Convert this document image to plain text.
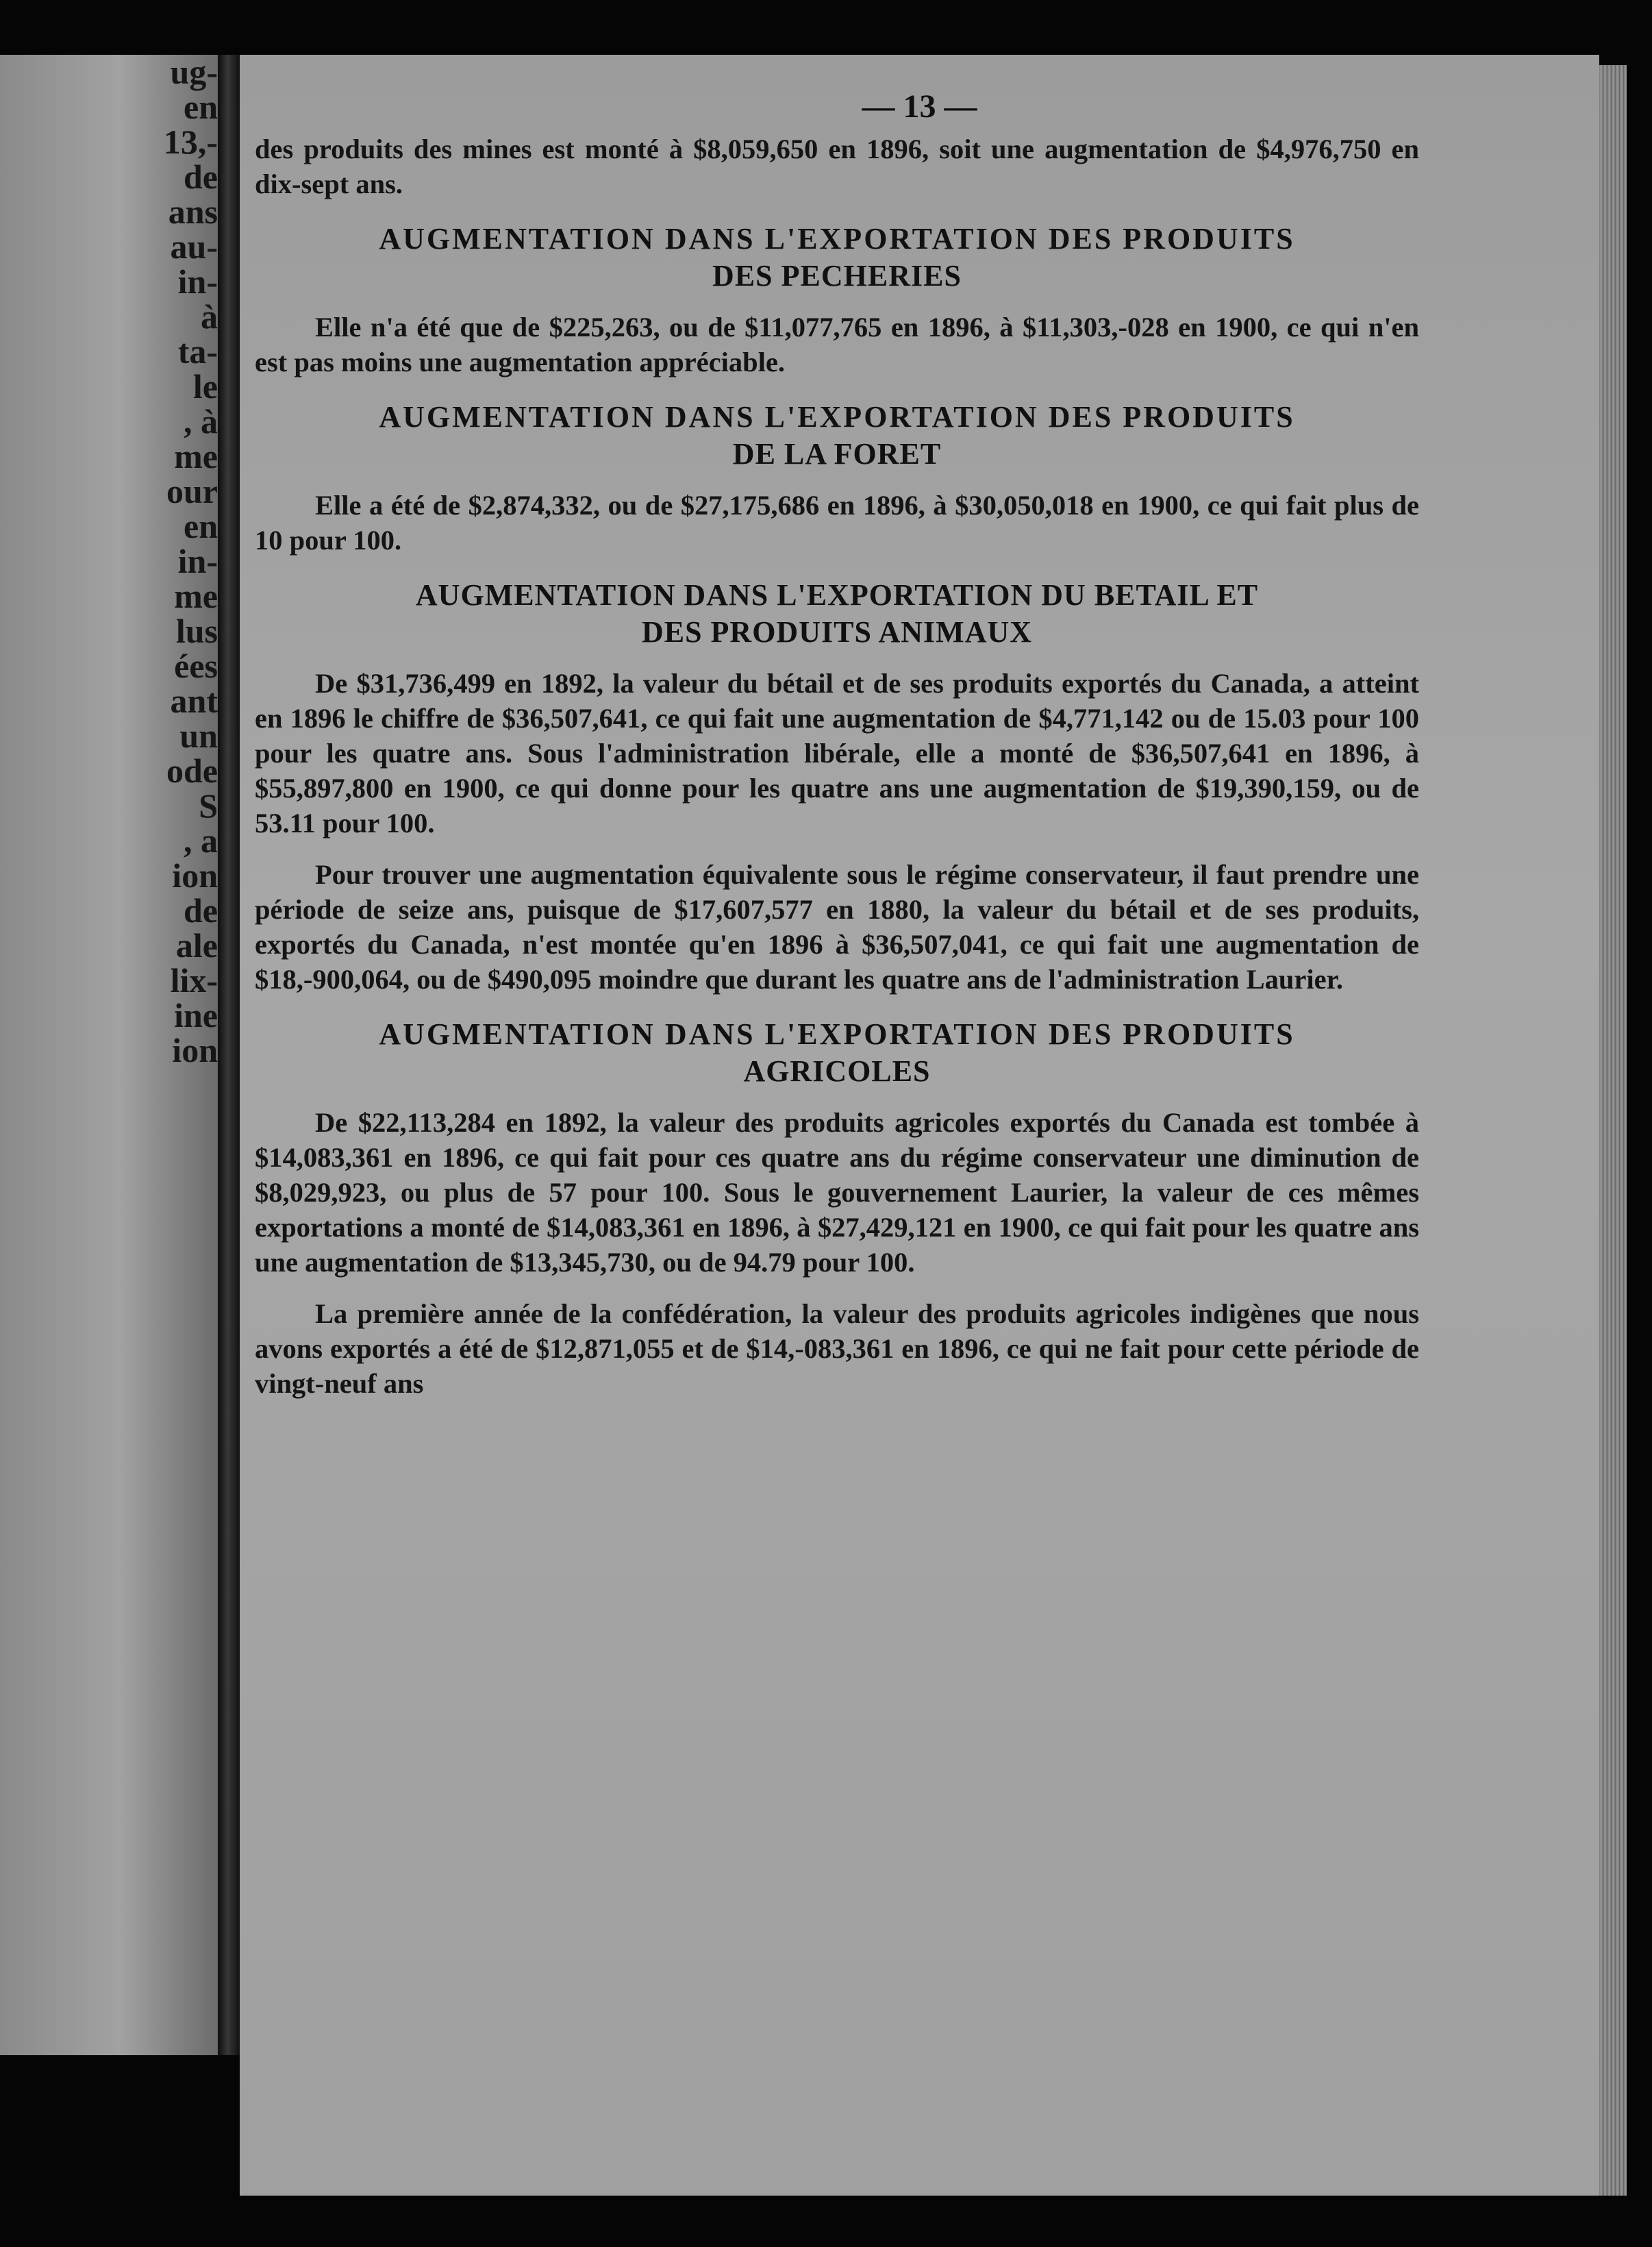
ug-
en
13,-
de
ans
au-
in-
à
ta-
le
, à
me
our
en
in-
me
lus
ées
ant
un
ode
S
, a
ion
de
ale
lix-
ine
ion
— 13 —

des produits des mines est monté à $8,059,650 en 1896, soit une augmentation de $4,976,750 en dix-sept ans.

AUGMENTATION DANS L'EXPORTATION DES PRODUITS
DES PECHERIES

Elle n'a été que de $225,263, ou de $11,077,765 en 1896, à $11,303,-028 en 1900, ce qui n'en est pas moins une augmentation appréciable.

AUGMENTATION DANS L'EXPORTATION DES PRODUITS
DE LA FORET

Elle a été de $2,874,332, ou de $27,175,686 en 1896, à $30,050,018 en 1900, ce qui fait plus de 10 pour 100.

AUGMENTATION DANS L'EXPORTATION DU BETAIL ET
DES PRODUITS ANIMAUX

De $31,736,499 en 1892, la valeur du bétail et de ses produits exportés du Canada, a atteint en 1896 le chiffre de $36,507,641, ce qui fait une augmentation de $4,771,142 ou de 15.03 pour 100 pour les quatre ans. Sous l'administration libérale, elle a monté de $36,507,641 en 1896, à $55,897,800 en 1900, ce qui donne pour les quatre ans une augmentation de $19,390,159, ou de 53.11 pour 100.

Pour trouver une augmentation équivalente sous le régime conservateur, il faut prendre une période de seize ans, puisque de $17,607,577 en 1880, la valeur du bétail et de ses produits, exportés du Canada, n'est montée qu'en 1896 à $36,507,041, ce qui fait une augmentation de $18,-900,064, ou de $490,095 moindre que durant les quatre ans de l'administration Laurier.

AUGMENTATION DANS L'EXPORTATION DES PRODUITS
AGRICOLES

De $22,113,284 en 1892, la valeur des produits agricoles exportés du Canada est tombée à $14,083,361 en 1896, ce qui fait pour ces quatre ans du régime conservateur une diminution de $8,029,923, ou plus de 57 pour 100. Sous le gouvernement Laurier, la valeur de ces mêmes exportations a monté de $14,083,361 en 1896, à $27,429,121 en 1900, ce qui fait pour les quatre ans une augmentation de $13,345,730, ou de 94.79 pour 100.

La première année de la confédération, la valeur des produits agricoles indigènes que nous avons exportés a été de $12,871,055 et de $14,-083,361 en 1896, ce qui ne fait pour cette période de vingt-neuf ans
